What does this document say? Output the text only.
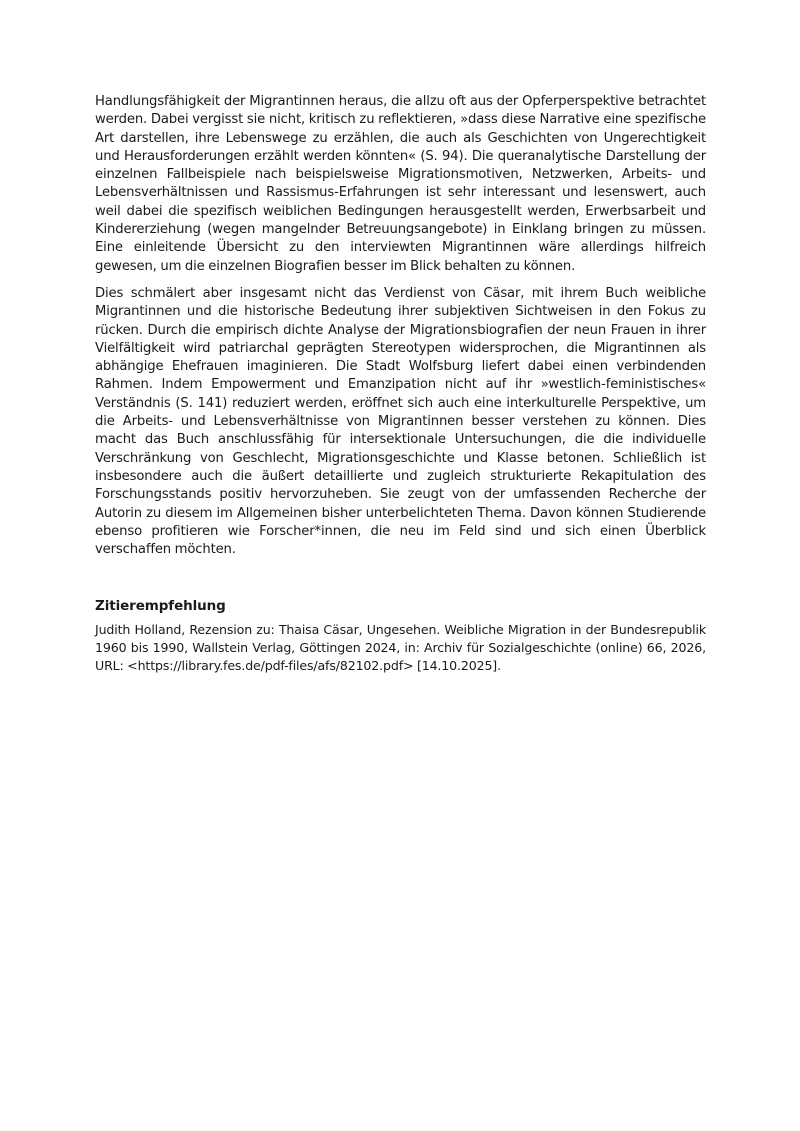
Handlungsfähigkeit der Migrantinnen heraus, die allzu oft aus der Opferperspektive betrachtet werden. Dabei vergisst sie nicht, kritisch zu reflektieren, »dass diese Narrative eine spezifische Art darstellen, ihre Lebenswege zu erzählen, die auch als Geschichten von Ungerechtigkeit und Herausforderungen erzählt werden könnten« (S. 94). Die queranalytische Darstellung der einzelnen Fallbeispiele nach beispielsweise Migrationsmotiven, Netzwerken, Arbeits- und Lebensverhältnissen und Rassismus-Erfahrungen ist sehr interessant und lesenswert, auch weil dabei die spezifisch weiblichen Bedingungen herausgestellt werden, Erwerbsarbeit und Kindererziehung (wegen mangelnder Betreuungsangebote) in Einklang bringen zu müssen. Eine einleitende Übersicht zu den interviewten Migrantinnen wäre allerdings hilfreich gewesen, um die einzelnen Biografien besser im Blick behalten zu können.

Dies schmälert aber insgesamt nicht das Verdienst von Cäsar, mit ihrem Buch weibliche Migrantinnen und die historische Bedeutung ihrer subjektiven Sichtweisen in den Fokus zu rücken. Durch die empirisch dichte Analyse der Migrationsbiografien der neun Frauen in ihrer Vielfältigkeit wird patriarchal geprägten Stereotypen widersprochen, die Migrantinnen als abhängige Ehefrauen imaginieren. Die Stadt Wolfsburg liefert dabei einen verbindenden Rahmen. Indem Empowerment und Emanzipation nicht auf ihr »westlich-feministisches« Verständnis (S. 141) reduziert werden, eröffnet sich auch eine interkulturelle Perspektive, um die Arbeits- und Lebensverhältnisse von Migrantinnen besser verstehen zu können. Dies macht das Buch anschlussfähig für intersektionale Untersuchungen, die die individuelle Verschränkung von Geschlecht, Migrationsgeschichte und Klasse betonen. Schließlich ist insbesondere auch die äußert detaillierte und zugleich strukturierte Rekapitulation des Forschungsstands positiv hervorzuheben. Sie zeugt von der umfassenden Recherche der Autorin zu diesem im Allgemeinen bisher unterbelichteten Thema. Davon können Studierende ebenso profitieren wie Forscher*innen, die neu im Feld sind und sich einen Überblick verschaffen möchten.

Zitierempfehlung

Judith Holland, Rezension zu: Thaisa Cäsar, Ungesehen. Weibliche Migration in der Bundesrepublik 1960 bis 1990, Wallstein Verlag, Göttingen 2024, in: Archiv für Sozialgeschichte (online) 66, 2026, URL: <https://library.fes.de/pdf-files/afs/82102.pdf> [14.10.2025].
